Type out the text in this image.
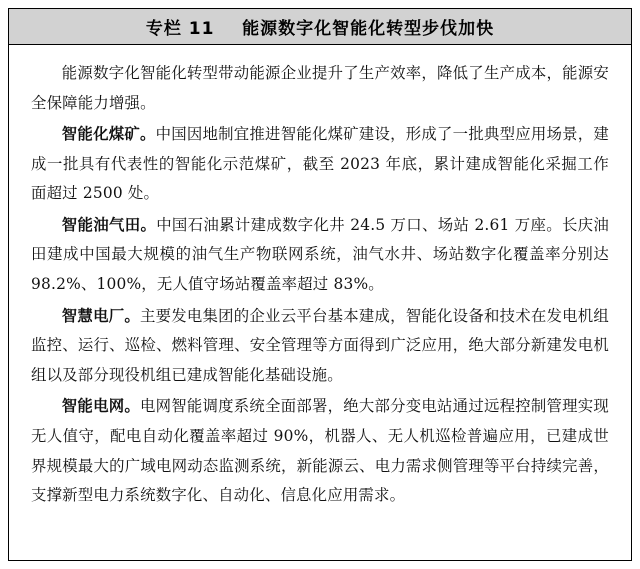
专栏 11    能源数字化智能化转型步伐加快

能源数字化智能化转型带动能源企业提升了生产效率，降低了生产成本，能源安全保障能力增强。

智能化煤矿。中国因地制宜推进智能化煤矿建设，形成了一批典型应用场景，建成一批具有代表性的智能化示范煤矿，截至 2023 年底，累计建成智能化采掘工作面超过 2500 处。

智能油气田。中国石油累计建成数字化井 24.5 万口、场站 2.61 万座。长庆油田建成中国最大规模的油气生产物联网系统，油气水井、场站数字化覆盖率分别达 98.2%、100%，无人值守场站覆盖率超过 83%。

智慧电厂。主要发电集团的企业云平台基本建成，智能化设备和技术在发电机组监控、运行、巡检、燃料管理、安全管理等方面得到广泛应用，绝大部分新建发电机组以及部分现役机组已建成智能化基础设施。

智能电网。电网智能调度系统全面部署，绝大部分变电站通过远程控制管理实现无人值守，配电自动化覆盖率超过 90%，机器人、无人机巡检普遍应用，已建成世界规模最大的广域电网动态监测系统，新能源云、电力需求侧管理等平台持续完善，支撑新型电力系统数字化、自动化、信息化应用需求。
